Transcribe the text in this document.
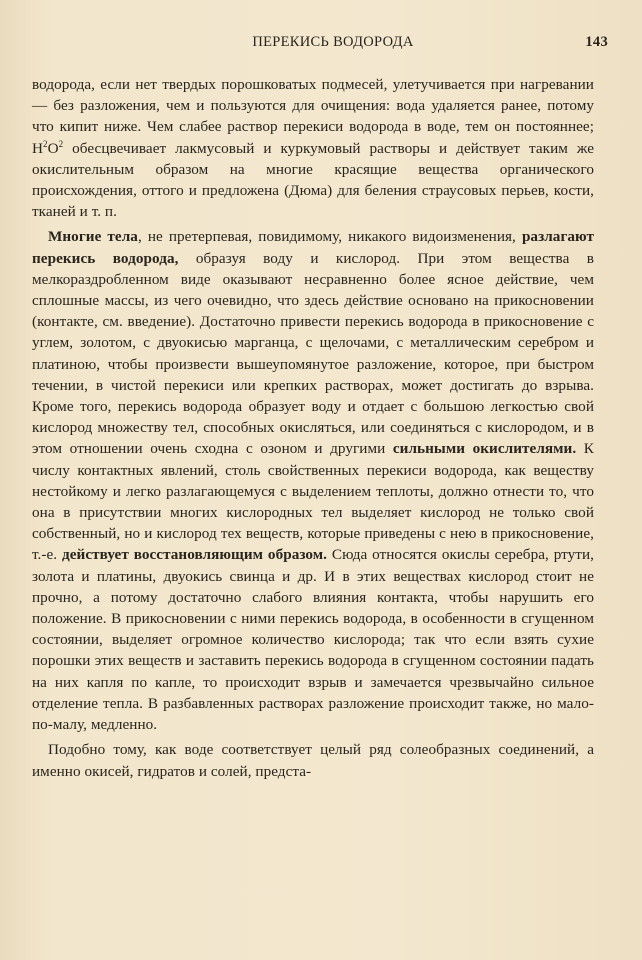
ПЕРЕКИСЬ ВОДОРОДА	143

водорода, если нет твердых порошковатых подмесей, улетучивается при нагревании — без разложения, чем и пользуются для очищения: вода удаляется ранее, потому что кипит ниже. Чем слабее раствор перекиси водорода в воде, тем он постояннее; $H^2O^2$ обесцвечивает лакмусовый и куркумовый растворы и действует таким же окислительным образом на многие красящие вещества органического происхождения, оттого и предложена (Дюма) для беления страусовых перьев, кости, тканей и т. п.

Многие тела, не претерпевая, повидимому, никакого видоизменения, разлагают перекись водорода, образуя воду и кислород. При этом вещества в мелкораздробленном виде оказывают несравненно более ясное действие, чем сплошные массы, из чего очевидно, что здесь действие основано на прикосновении (контакте, см. введение). Достаточно привести перекись водорода в прикосновение с углем, золотом, с двуокисью марганца, с щелочами, с металлическим серебром и платиною, чтобы произвести вышеупомянутое разложение, которое, при быстром течении, в чистой перекиси или крепких растворах, может достигать до взрыва. Кроме того, перекись водорода образует воду и отдает с большою легкостью свой кислород множеству тел, способных окисляться, или соединяться с кислородом, и в этом отношении очень сходна с озоном и другими сильными окислителями. К числу контактных явлений, столь свойственных перекиси водорода, как веществу нестойкому и легко разлагающемуся с выделением теплоты, должно отнести то, что она в присутствии многих кислородных тел выделяет кислород не только свой собственный, но и кислород тех веществ, которые приведены с нею в прикосновение, т.-е. действует восстановляющим образом. Сюда относятся окислы серебра, ртути, золота и платины, двуокись свинца и др. И в этих веществах кислород стоит не прочно, а потому достаточно слабого влияния контакта, чтобы нарушить его положение. В прикосновении с ними перекись водорода, в особенности в сгущенном состоянии, выделяет огромное количество кислорода; так что если взять сухие порошки этих веществ и заставить перекись водорода в сгущенном состоянии падать на них капля по капле, то происходит взрыв и замечается чрезвычайно сильное отделение тепла. В разбавленных растворах разложение происходит также, но мало-по-малу, медленно.

Подобно тому, как воде соответствует целый ряд солеобразных соединений, а именно окисей, гидратов и солей, предста-
